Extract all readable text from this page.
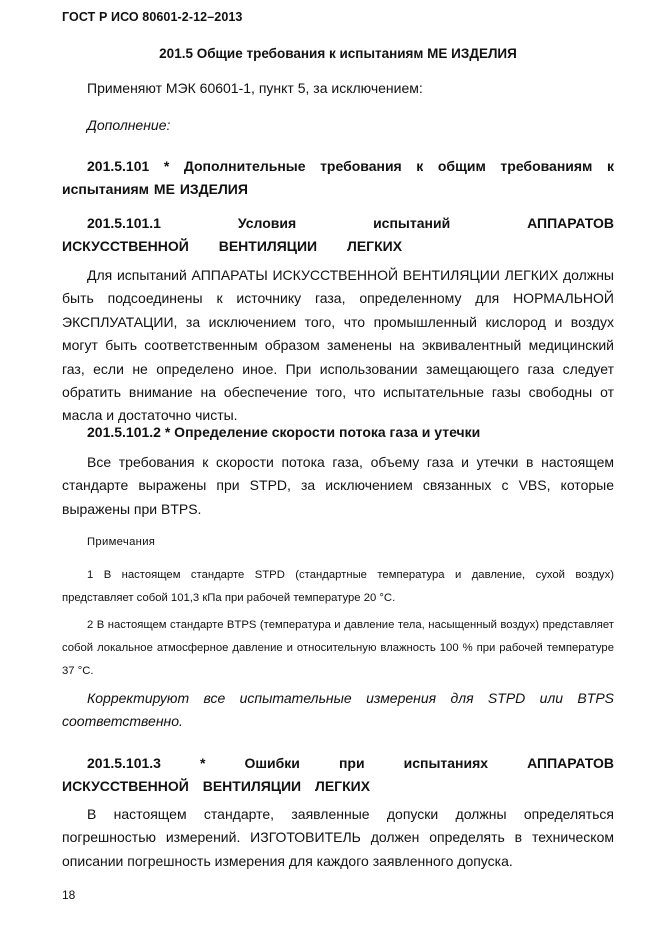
ГОСТ Р ИСО 80601-2-12–2013
201.5 Общие требования к испытаниям МЕ ИЗДЕЛИЯ

Применяют МЭК 60601-1, пункт 5, за исключением:

Дополнение:

201.5.101 * Дополнительные требования к общим требованиям к испытаниям МЕ ИЗДЕЛИЯ

201.5.101.1 Условия испытаний АППАРАТОВ ИСКУССТВЕННОЙ ВЕНТИЛЯЦИИ ЛЕГКИХ

Для испытаний АППАРАТЫ ИСКУССТВЕННОЙ ВЕНТИЛЯЦИИ ЛЕГКИХ должны быть подсоединены к источнику газа, определенному для НОРМАЛЬНОЙ ЭКСПЛУАТАЦИИ, за исключением того, что промышленный кислород и воздух могут быть соответственным образом заменены на эквивалентный медицинский газ, если не определено иное. При использовании замещающего газа следует обратить внимание на обеспечение того, что испытательные газы свободны от масла и достаточно чисты.

201.5.101.2 * Определение скорости потока газа и утечки

Все требования к скорости потока газа, объему газа и утечки в настоящем стандарте выражены при STPD, за исключением связанных с VBS, которые выражены при BTPS.

Примечания

1 В настоящем стандарте STPD (стандартные температура и давление, сухой воздух) представляет собой 101,3 кПа при рабочей температуре 20 °С.

2 В настоящем стандарте BTPS (температура и давление тела, насыщенный воздух) представляет собой локальное атмосферное давление и относительную влажность 100 % при рабочей температуре 37 °С.

Корректируют все испытательные измерения для STPD или BTPS соответственно.

201.5.101.3 * Ошибки при испытаниях АППАРАТОВ ИСКУССТВЕННОЙ ВЕНТИЛЯЦИИ ЛЕГКИХ

В настоящем стандарте, заявленные допуски должны определяться погрешностью измерений. ИЗГОТОВИТЕЛЬ должен определять в техническом описании погрешность измерения для каждого заявленного допуска.

18
